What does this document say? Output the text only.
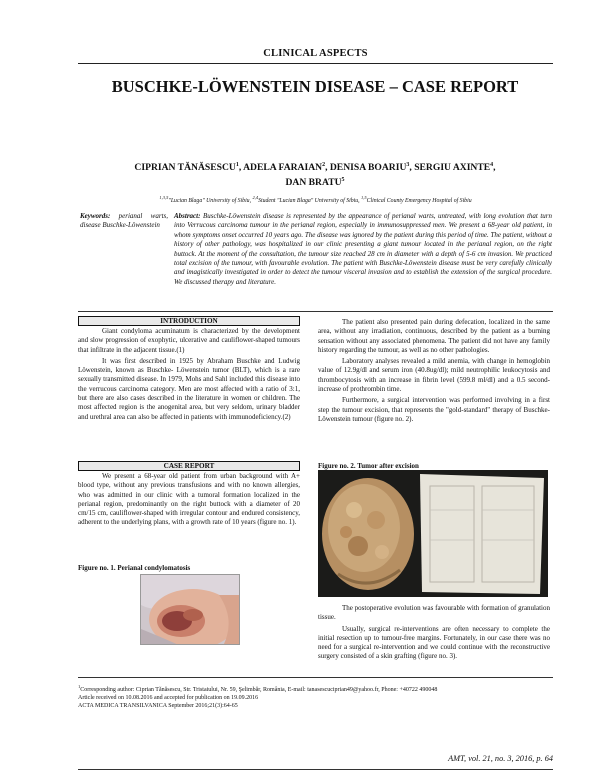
CLINICAL ASPECTS
BUSCHKE-LÖWENSTEIN DISEASE – CASE REPORT
CIPRIAN TĂNĂSESCU$^1$, ADELA FARAIAN$^2$, DENISA BOARIU$^3$, SERGIU AXINTE$^4$,
DAN BRATU$^5$
$^{1,3,5}$"Lucian Blaga" University of Sibiu, $^{2,4}$Student "Lucian Blaga" University of Sibiu, $^{1,5}$Clinical County Emergency Hospital of Sibiu
Keywords: perianal warts, disease Buschke-Löwenstein
Abstract: Buschke-Löwenstein disease is represented by the appearance of perianal warts, untreated, with long evolution that turn into Verrucous carcinoma tumour in the perianal region, especially in immunosuppressed men. We present a 68-year old patient, in whom symptoms onset occurred 10 years ago. The disease was ignored by the patient during this period of time. The patient, without a history of other pathology, was hospitalized in our clinic presenting a giant tumour located in the perianal region, on the right buttock. At the moment of the consultation, the tumour size reached 28 cm in diameter with a depth of 5-6 cm invasion. We practiced total excision of the tumour, with favourable evolution. The patient with Buschke-Löwenstein disease must be very carefully clinically and imagistically investigated in order to detect the tumour visceral invasion and to establish the extension of the surgical procedure. We discussed therapy and literature.
INTRODUCTION

Giant condyloma acuminatum is characterized by the development and slow progression of exophytic, ulcerative and cauliflower-shaped tumours that infiltrate in the adjacent tissue.(1)

It was first described in 1925 by Abraham Buschke and Ludwig Löwenstein, known as Buschke- Löwenstein tumor (BLT), which is a rare sexually transmitted disease. In 1979, Mohs and Sahl included this disease into the verrucous carcinoma category. Men are most affected with a ratio of 3:1, but there are also cases described in the literature in women or children. The most affected region is the anogenital area, but very seldom, urinary bladder and urethral area can also be affected in patients with immunodeficiency.(2)

CASE REPORT

We present a 68-year old patient from urban background with A+ blood type, without any previous transfusions and with no known allergies, who was admitted in our clinic with a tumoral formation localized in the perianal region, predominantly on the right buttock with a diameter of 20 cm/15 cm, cauliflower-shaped with irregular contour and endured consistency, adherent to the underlying plans, with a growth rate of 10 years (figure no. 1).

Figure no. 1. Perianal condylomatosis

The patient also presented pain during defecation, localized in the same area, without any irradiation, continuous, described by the patient as a burning sensation without any associated phenomena. The patient did not have any family history regarding the tumour, as well as no other pathologies.

Laboratory analyses revealed a mild anemia, with change in hemoglobin value of 12.9g/dl and serum iron (40.8ug/dl); mild neutrophilic leukocytosis and thrombocytosis with an increase in fibrin level (599.8 mł/dl) and a 0.5 second-increase of prothrombin time.

Furthermore, a surgical intervention was performed involving in a first step the tumour excision, that represents the "gold-standard" therapy of Buschke-Löwenstein tumour (figure no. 2).

Figure no. 2. Tumor after excision

The postoperative evolution was favourable with formation of granulation tissue.

Usually, surgical re-interventions are often necessary to complete the initial resection up to tumour-free margins. Fortunately, in our case there was no need for a surgical re-intervention and we could continue with the reconstructive surgery consisted of a skin grafting (figure no. 3).

$^1$Corresponding author: Ciprian Tănăsescu, Str. Tristaiului, Nr. 59, Şelimbăr, România, E-mail: tanasescuciprian49@yahoo.fr, Phone: +40722 490048
Article received on 10.08.2016 and accepted for publication on 19.09.2016
ACTA MEDICA TRANSILVANICA September 2016;21(3):64-65
AMT, vol. 21, no. 3, 2016, p. 64
